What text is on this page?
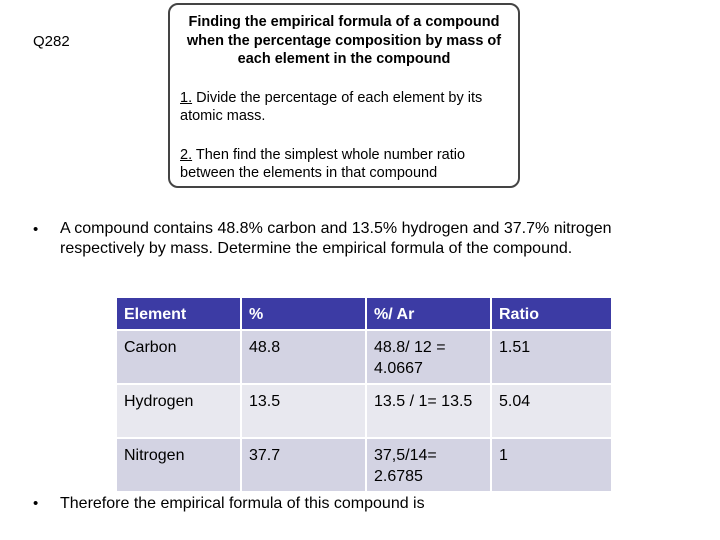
Q282

Finding the empirical formula of a compound when the percentage composition by mass of each element in the compound

1. Divide the percentage of each element by its atomic mass.

2. Then find the simplest whole number ratio between the elements in that compound

• A compound contains 48.8% carbon and 13.5% hydrogen and 37.7% nitrogen respectively by mass. Determine the empirical formula of the compound.
Element	%	%/ Ar	Ratio
Carbon	48.8	48.8/ 12 = 4.0667	1.51
Hydrogen	13.5	13.5 / 1= 13.5	5.04
Nitrogen	37.7	37,5/14= 2.6785	1
• Therefore the empirical formula of this compound is
